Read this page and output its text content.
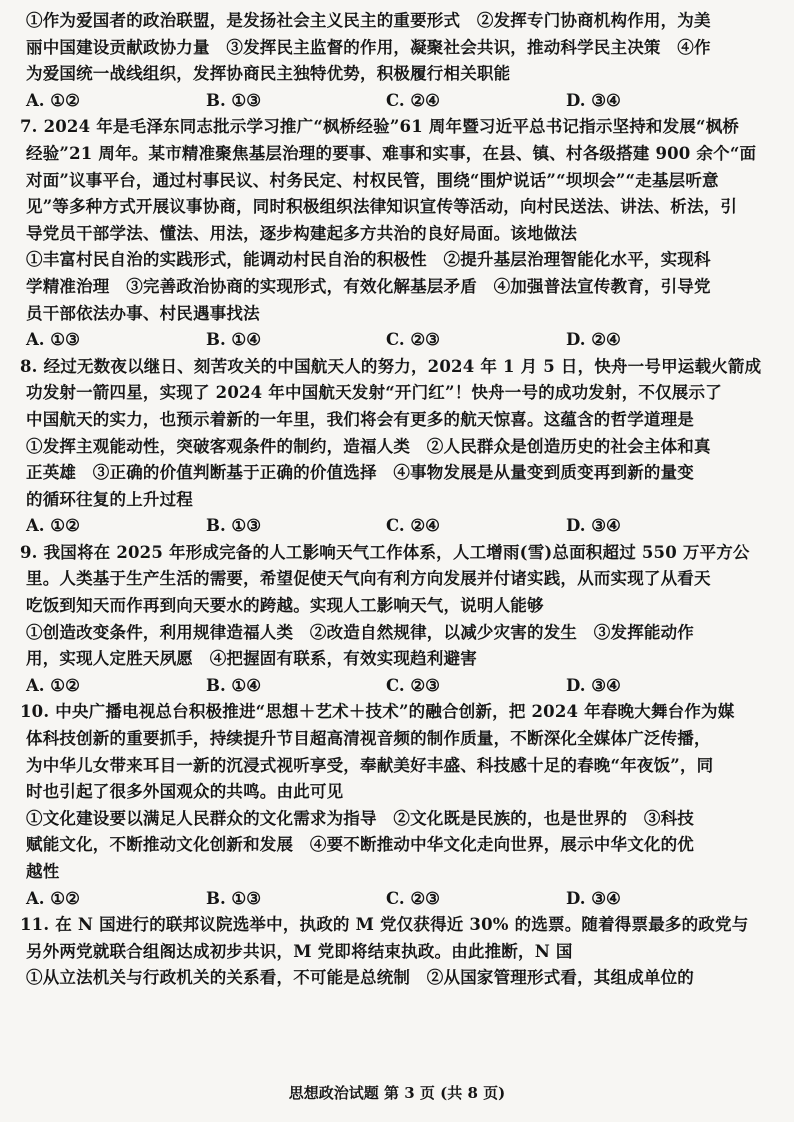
①作为爱国者的政治联盟，是发扬社会主义民主的重要形式　②发挥专门协商机构作用，为美
丽中国建设贡献政协力量　③发挥民主监督的作用，凝聚社会共识，推动科学民主决策　④作
为爱国统一战线组织，发挥协商民主独特优势，积极履行相关职能
A. ①②	B. ①③	C. ②④	D. ③④
7. 2024 年是毛泽东同志批示学习推广“枫桥经验”61 周年暨习近平总书记指示坚持和发展“枫桥
经验”21 周年。某市精准聚焦基层治理的要事、难事和实事，在县、镇、村各级搭建 900 余个“面
对面”议事平台，通过村事民议、村务民定、村权民管，围绕“围炉说话”“坝坝会”“走基层听意
见”等多种方式开展议事协商，同时积极组织法律知识宣传等活动，向村民送法、讲法、析法，引
导党员干部学法、懂法、用法，逐步构建起多方共治的良好局面。该地做法
①丰富村民自治的实践形式，能调动村民自治的积极性　②提升基层治理智能化水平，实现科
学精准治理　③完善政治协商的实现形式，有效化解基层矛盾　④加强普法宣传教育，引导党
员干部依法办事、村民遇事找法
A. ①③	B. ①④	C. ②③	D. ②④
8. 经过无数夜以继日、刻苦攻关的中国航天人的努力，2024 年 1 月 5 日，快舟一号甲运载火箭成
功发射一箭四星，实现了 2024 年中国航天发射“开门红”！快舟一号的成功发射，不仅展示了
中国航天的实力，也预示着新的一年里，我们将会有更多的航天惊喜。这蕴含的哲学道理是
①发挥主观能动性，突破客观条件的制约，造福人类　②人民群众是创造历史的社会主体和真
正英雄　③正确的价值判断基于正确的价值选择　④事物发展是从量变到质变再到新的量变
的循环往复的上升过程
A. ①②	B. ①③	C. ②④	D. ③④
9. 我国将在 2025 年形成完备的人工影响天气工作体系，人工增雨(雪)总面积超过 550 万平方公
里。人类基于生产生活的需要，希望促使天气向有利方向发展并付诸实践，从而实现了从看天
吃饭到知天而作再到向天要水的跨越。实现人工影响天气，说明人能够
①创造改变条件，利用规律造福人类　②改造自然规律，以减少灾害的发生　③发挥能动作
用，实现人定胜天夙愿　④把握固有联系，有效实现趋利避害
A. ①②	B. ①④	C. ②③	D. ③④
10. 中央广播电视总台积极推进“思想＋艺术＋技术”的融合创新，把 2024 年春晚大舞台作为媒
体科技创新的重要抓手，持续提升节目超高清视音频的制作质量，不断深化全媒体广泛传播，
为中华儿女带来耳目一新的沉浸式视听享受，奉献美好丰盛、科技感十足的春晚“年夜饭”，同
时也引起了很多外国观众的共鸣。由此可见
①文化建设要以满足人民群众的文化需求为指导　②文化既是民族的，也是世界的　③科技
赋能文化，不断推动文化创新和发展　④要不断推动中华文化走向世界，展示中华文化的优
越性
A. ①②	B. ①③	C. ②③	D. ③④
11. 在 N 国进行的联邦议院选举中，执政的 M 党仅获得近 30% 的选票。随着得票最多的政党与
另外两党就联合组阁达成初步共识，M 党即将结束执政。由此推断，N 国
①从立法机关与行政机关的关系看，不可能是总统制　②从国家管理形式看，其组成单位的
思想政治试题 第 3 页 (共 8 页)
